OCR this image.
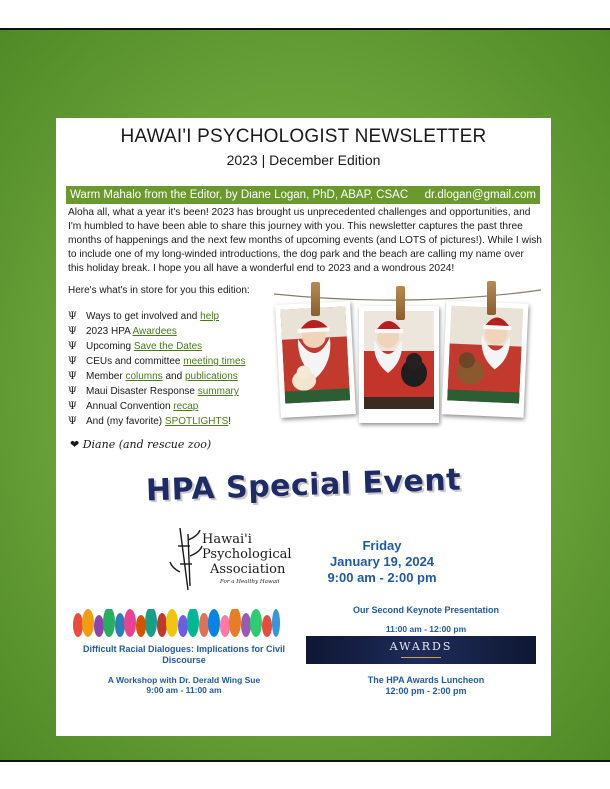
HAWAI'I PSYCHOLOGIST NEWSLETTER
2023 | December Edition
Warm Mahalo from the Editor, by Diane Logan, PhD, ABAP, CSAC dr.dlogan@gmail.com

Aloha all, what a year it's been! 2023 has brought us unprecedented challenges and opportunities, and I'm humbled to have been able to share this journey with you. This newsletter captures the past three months of happenings and the next few months of upcoming events (and LOTS of pictures!). While I wish to include one of my long-winded introductions, the dog park and the beach are calling my name over this holiday break. I hope you all have a wonderful end to 2023 and a wondrous 2024!

Here's what's in store for you this edition:

Ψ Ways to get involved and help
Ψ 2023 HPA Awardees
Ψ Upcoming Save the Dates
Ψ CEUs and committee meeting times
Ψ Member columns and publications
Ψ Maui Disaster Response summary
Ψ Annual Convention recap
Ψ And (my favorite) SPOTLIGHTS!
❤ Diane (and rescue zoo)
HPA Special Event
Hawai'i
Psychological
Association
For a Healthy Hawaii
Friday
January 19, 2024
9:00 am - 2:00 pm
Difficult Racial Dialogues: Implications for Civil Discourse
A Workshop with Dr. Derald Wing Sue
9:00 am - 11:00 am
Our Second Keynote Presentation
11:00 am - 12:00 pm
AWARDS
The HPA Awards Luncheon
12:00 pm - 2:00 pm
